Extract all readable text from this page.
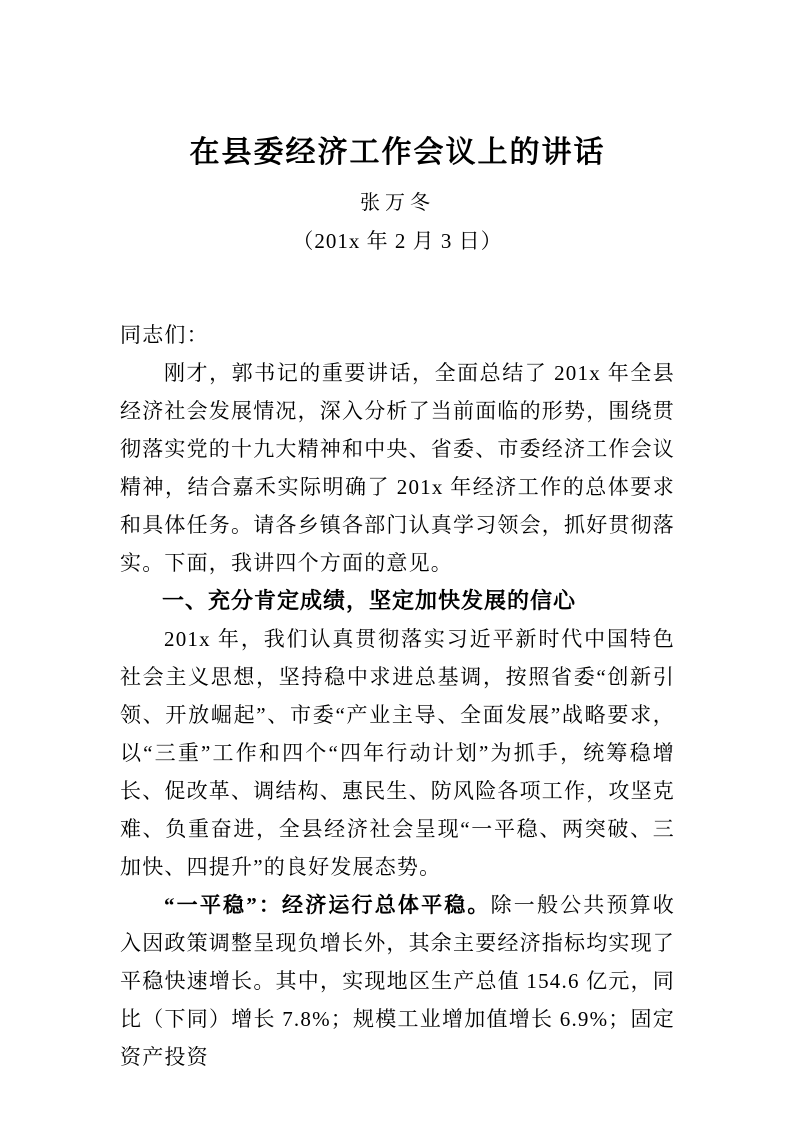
在县委经济工作会议上的讲话
张万冬
（201x 年 2 月 3 日）

同志们：

刚才，郭书记的重要讲话，全面总结了 201x 年全县经济社会发展情况，深入分析了当前面临的形势，围绕贯彻落实党的十九大精神和中央、省委、市委经济工作会议精神，结合嘉禾实际明确了 201x 年经济工作的总体要求和具体任务。请各乡镇各部门认真学习领会，抓好贯彻落实。下面，我讲四个方面的意见。

一、充分肯定成绩，坚定加快发展的信心

201x 年，我们认真贯彻落实习近平新时代中国特色社会主义思想，坚持稳中求进总基调，按照省委“创新引领、开放崛起”、市委“产业主导、全面发展”战略要求，以“三重”工作和四个“四年行动计划”为抓手，统筹稳增长、促改革、调结构、惠民生、防风险各项工作，攻坚克难、负重奋进，全县经济社会呈现“一平稳、两突破、三加快、四提升”的良好发展态势。

“一平稳”：经济运行总体平稳。除一般公共预算收入因政策调整呈现负增长外，其余主要经济指标均实现了平稳快速增长。其中，实现地区生产总值 154.6 亿元，同比（下同）增长 7.8%；规模工业增加值增长 6.9%；固定资产投资
